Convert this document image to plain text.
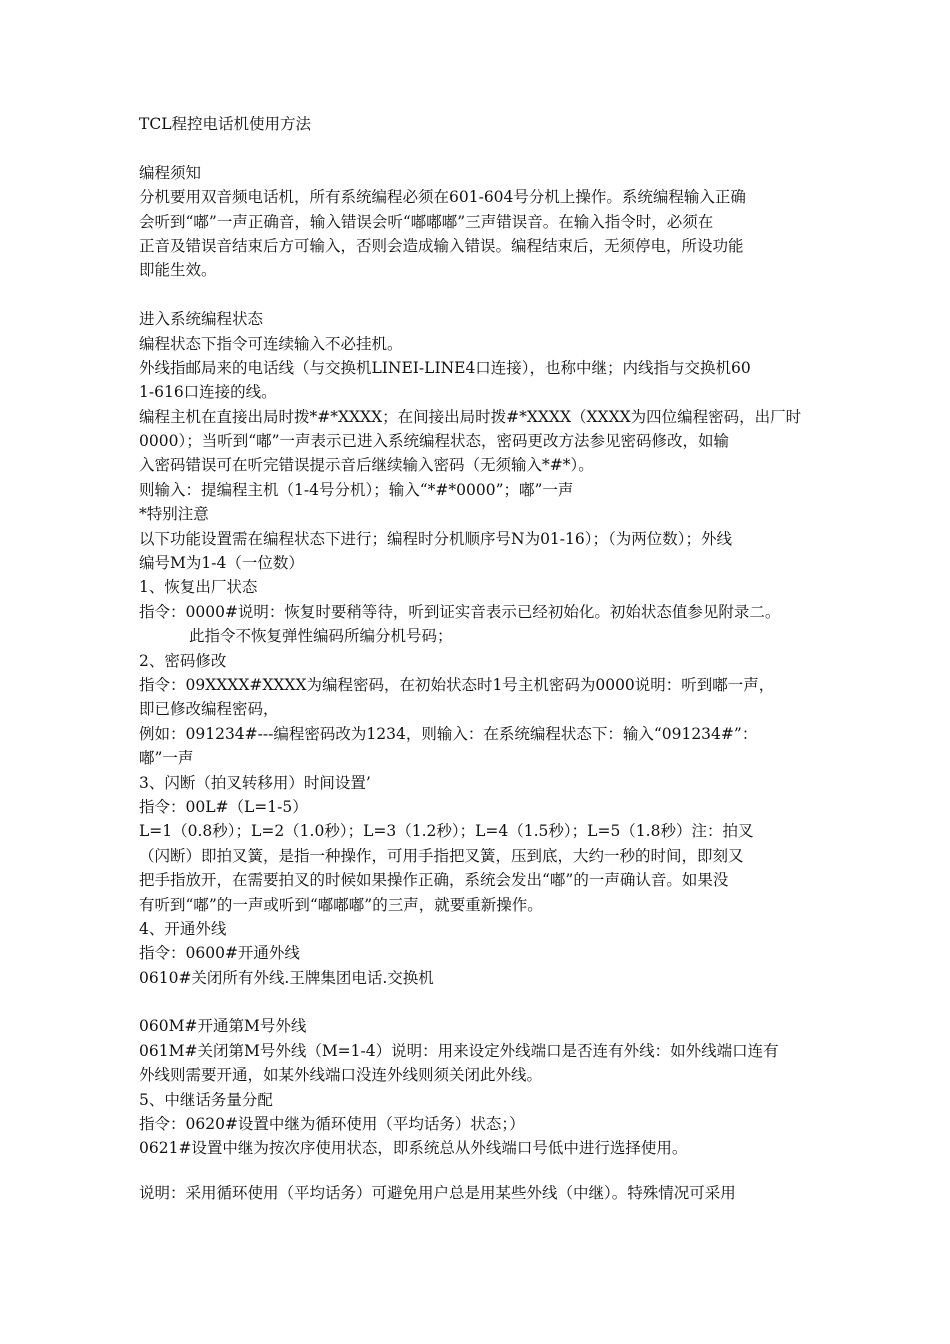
TCL程控电话机使用方法
编程须知
分机要用双音频电话机，所有系统编程必须在601-604号分机上操作。系统编程输入正确
会听到“嘟”一声正确音，输入错误会听“嘟嘟嘟”三声错误音。在输入指令时，必须在
正音及错误音结束后方可输入，否则会造成输入错误。编程结束后，无须停电，所设功能
即能生效。
进入系统编程状态
编程状态下指令可连续输入不必挂机。
外线指邮局来的电话线（与交换机LINEI-LINE4口连接），也称中继；内线指与交换机60
1-616口连接的线。
编程主机在直接出局时拨*#*XXXX；在间接出局时拨#*XXXX（XXXX为四位编程密码，出厂时
0000）；当听到“嘟”一声表示已进入系统编程状态，密码更改方法参见密码修改，如输
入密码错误可在听完错误提示音后继续输入密码（无须输入*#*）。
则输入：提编程主机（1-4号分机）；输入“*#*0000”；嘟”一声
*特别注意
以下功能设置需在编程状态下进行；编程时分机顺序号N为01-16）；（为两位数）；外线
编号M为1-4（一位数）
1、恢复出厂状态
指令：0000#说明：恢复时要稍等待，听到证实音表示已经初始化。初始状态值参见附录二。
此指令不恢复弹性编码所编分机号码；
2、密码修改
指令：09XXXX#XXXX为编程密码，在初始状态时1号主机密码为0000说明：听到嘟一声，
即已修改编程密码，
例如：091234#---编程密码改为1234，则输入：在系统编程状态下：输入“091234#”：
嘟”一声
3、闪断（拍叉转移用）时间设置’
指令：00L#（L=1-5）
L=1（0.8秒）；L=2（1.0秒）；L=3（1.2秒）；L=4（1.5秒）；L=5（1.8秒）注：拍叉
（闪断）即拍叉簧，是指一种操作，可用手指把叉簧，压到底，大约一秒的时间，即刻又
把手指放开，在需要拍叉的时候如果操作正确，系统会发出“嘟”的一声确认音。如果没
有听到“嘟”的一声或听到“嘟嘟嘟”的三声，就要重新操作。
4、开通外线
指令：0600#开通外线
0610#关闭所有外线.王牌集团电话.交换机
060M#开通第M号外线
061M#关闭第M号外线（M=1-4）说明：用来设定外线端口是否连有外线：如外线端口连有
外线则需要开通，如某外线端口没连外线则须关闭此外线。
5、中继话务量分配
指令：0620#设置中继为循环使用（平均话务）状态；）
0621#设置中继为按次序使用状态，即系统总从外线端口号低中进行选择使用。
说明：采用循环使用（平均话务）可避免用户总是用某些外线（中继）。特殊情况可采用
